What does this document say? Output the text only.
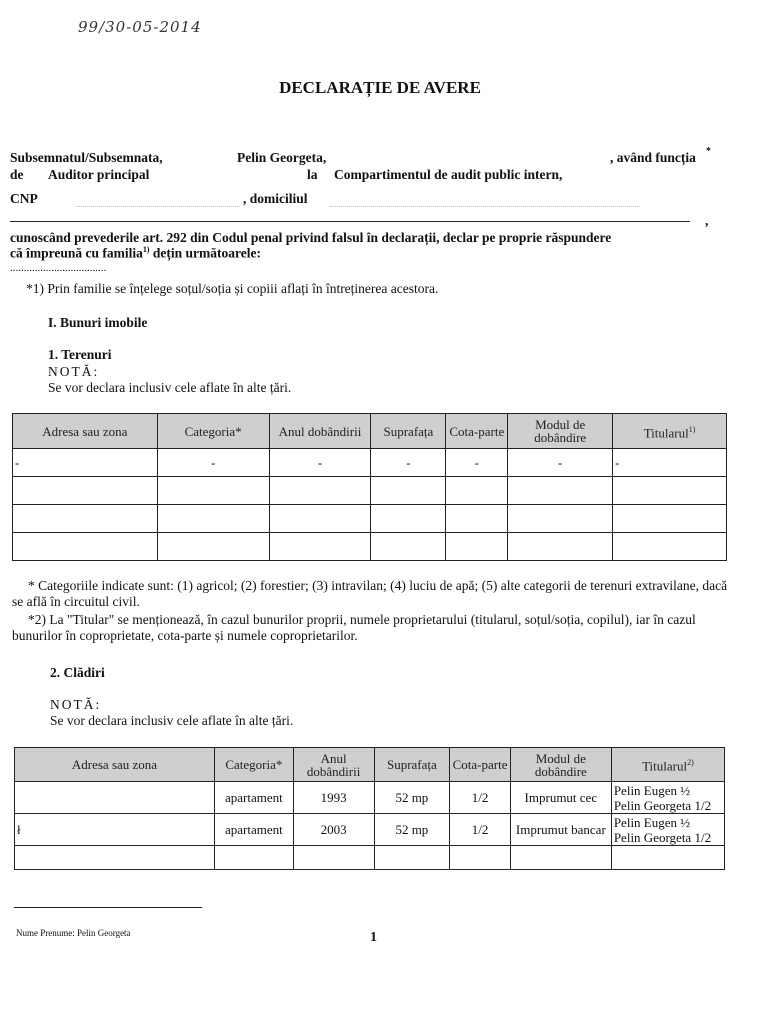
99/30-05-2014
DECLARAȚIE DE AVERE
Subsemnatul/Subsemnata,	Pelin Georgeta,	, având funcția *
de Auditor principal	la Compartimentul de audit public intern,
CNP	, domiciliul
,
cunoscând prevederile art. 292 din Codul penal privind falsul în declarații, declar pe proprie răspundere
că împreună cu familia$^{1)}$ dețin următoarele:
...................................
*1) Prin familie se înțelege soțul/soția și copiii aflați în întreținerea acestora.
I. Bunuri imobile
1. Terenuri
NOTĂ:
Se vor declara inclusiv cele aflate în alte țări.
Adresa sau zona	Categoria*	Anul dobândirii	Suprafața	Cota-parte	Modul de dobândire	Titularul$^{1)}$
-	-	-	-	-	-	-

* Categoriile indicate sunt: (1) agricol; (2) forestier; (3) intravilan; (4) luciu de apă; (5) alte categorii de terenuri extravilane, dacă se află în circuitul civil.
*2) La "Titular" se menționează, în cazul bunurilor proprii, numele proprietarului (titularul, soțul/soția, copilul), iar în cazul bunurilor în coproprietate, cota-parte și numele coproprietarilor.
2. Clădiri
NOTĂ:
Se vor declara inclusiv cele aflate în alte țări.
Adresa sau zona	Categoria*	Anul dobândirii	Suprafața	Cota-parte	Modul de dobândire	Titularul$^{2)}$
	apartament	1993	52 mp	1/2	Imprumut cec	Pelin Eugen ½
Pelin Georgeta 1/2

ł	apartament	2003	52 mp	1/2	Imprumut bancar	Pelin Eugen ½
Pelin Georgeta 1/2

Nume Prenume: Pelin Georgeta	1
